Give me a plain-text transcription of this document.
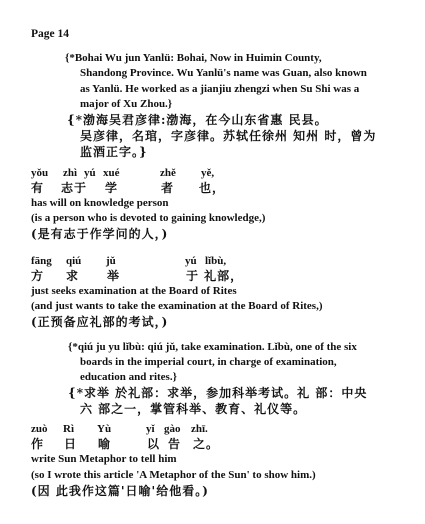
Page 14
{*Bohai Wu jun Yanlü: Bohai, Now in Huimin County,
Shandong Province. Wu Yanlü's name was Guan, also known
as Yanlü. He worked as a jianjiu zhengzi when Su Shi was a
major of Xu Zhou.}
{*渤海吴君彦律:渤海，在今山东省惠 民县。
吴彦律，名琯，字彦律。苏轼任徐州 知州 时，曾为
监酒正字。}
yǒu zhì yú xué	zhě yě,
有 志于 学	者 也，
has will on knowledge person
(is a person who is devoted to gaining knowledge,)
(是有志于作学问的人，)
fāng qiú jǔ	yú lǐbù,
方 求 举	于 礼部，
just seeks examination at the Board of Rites
(and just wants to take the examination at the Board of Rites,)
(正预备应礼部的考试，)
{*qiú ju yu lǐbù: qiú jǔ, take examination. Lǐbù, one of the six
boards in the imperial court, in charge of examination,
education and rites.}
{*求举 於礼部：求举，参加科举考试。礼 部：中央
六 部之一，掌管科举、教育、礼仪等。
zuò Rì Yù	yǐ gào zhī.
作 日 喻	以 告 之。
write Sun Metaphor to tell him
(so I wrote this article 'A Metaphor of the Sun' to show him.)
(因 此我作这篇'日喻'给他看。)
